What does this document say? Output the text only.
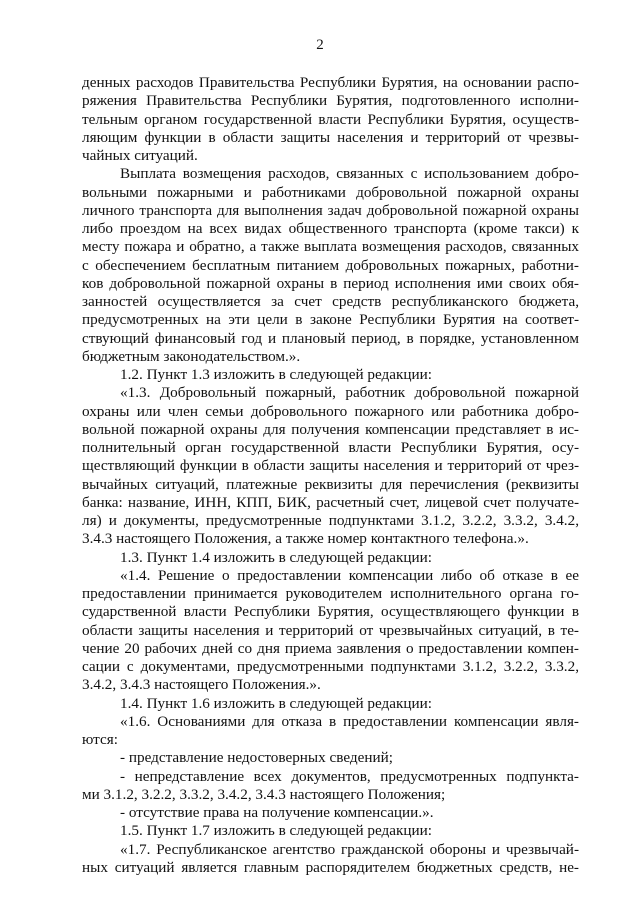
2
денных расходов Правительства Республики Бурятия, на основании распо-
ряжения Правительства Республики Бурятия, подготовленного исполни-
тельным органом государственной власти Республики Бурятия, осуществ-
ляющим функции в области защиты населения и территорий от чрезвы-
чайных ситуаций.
Выплата возмещения расходов, связанных с использованием добро-
вольными пожарными и работниками добровольной пожарной охраны
личного транспорта для выполнения задач добровольной пожарной охраны
либо проездом на всех видах общественного транспорта (кроме такси) к
месту пожара и обратно, а также выплата возмещения расходов, связанных
с обеспечением бесплатным питанием добровольных пожарных, работни-
ков добровольной пожарной охраны в период исполнения ими своих обя-
занностей осуществляется за счет средств республиканского бюджета,
предусмотренных на эти цели в законе Республики Бурятия на соответ-
ствующий финансовый год и плановый период, в порядке, установленном
бюджетным законодательством.».
1.2. Пункт 1.3 изложить в следующей редакции:
«1.3. Добровольный пожарный, работник добровольной пожарной
охраны или член семьи добровольного пожарного или работника добро-
вольной пожарной охраны для получения компенсации представляет в ис-
полнительный орган государственной власти Республики Бурятия, осу-
ществляющий функции в области защиты населения и территорий от чрез-
вычайных ситуаций, платежные реквизиты для перечисления (реквизиты
банка: название, ИНН, КПП, БИК, расчетный счет, лицевой счет получате-
ля) и документы, предусмотренные подпунктами 3.1.2, 3.2.2, 3.3.2, 3.4.2,
3.4.3 настоящего Положения, а также номер контактного телефона.».
1.3. Пункт 1.4 изложить в следующей редакции:
«1.4. Решение о предоставлении компенсации либо об отказе в ее
предоставлении принимается руководителем исполнительного органа го-
сударственной власти Республики Бурятия, осуществляющего функции в
области защиты населения и территорий от чрезвычайных ситуаций, в те-
чение 20 рабочих дней со дня приема заявления о предоставлении компен-
сации с документами, предусмотренными подпунктами 3.1.2, 3.2.2, 3.3.2,
3.4.2, 3.4.3 настоящего Положения.».
1.4. Пункт 1.6 изложить в следующей редакции:
«1.6. Основаниями для отказа в предоставлении компенсации явля-
ются:
- представление недостоверных сведений;
- непредставление всех документов, предусмотренных подпункта-
ми 3.1.2, 3.2.2, 3.3.2, 3.4.2, 3.4.3 настоящего Положения;
- отсутствие права на получение компенсации.».
1.5. Пункт 1.7 изложить в следующей редакции:
«1.7. Республиканское агентство гражданской обороны и чрезвычай-
ных ситуаций является главным распорядителем бюджетных средств, не-
